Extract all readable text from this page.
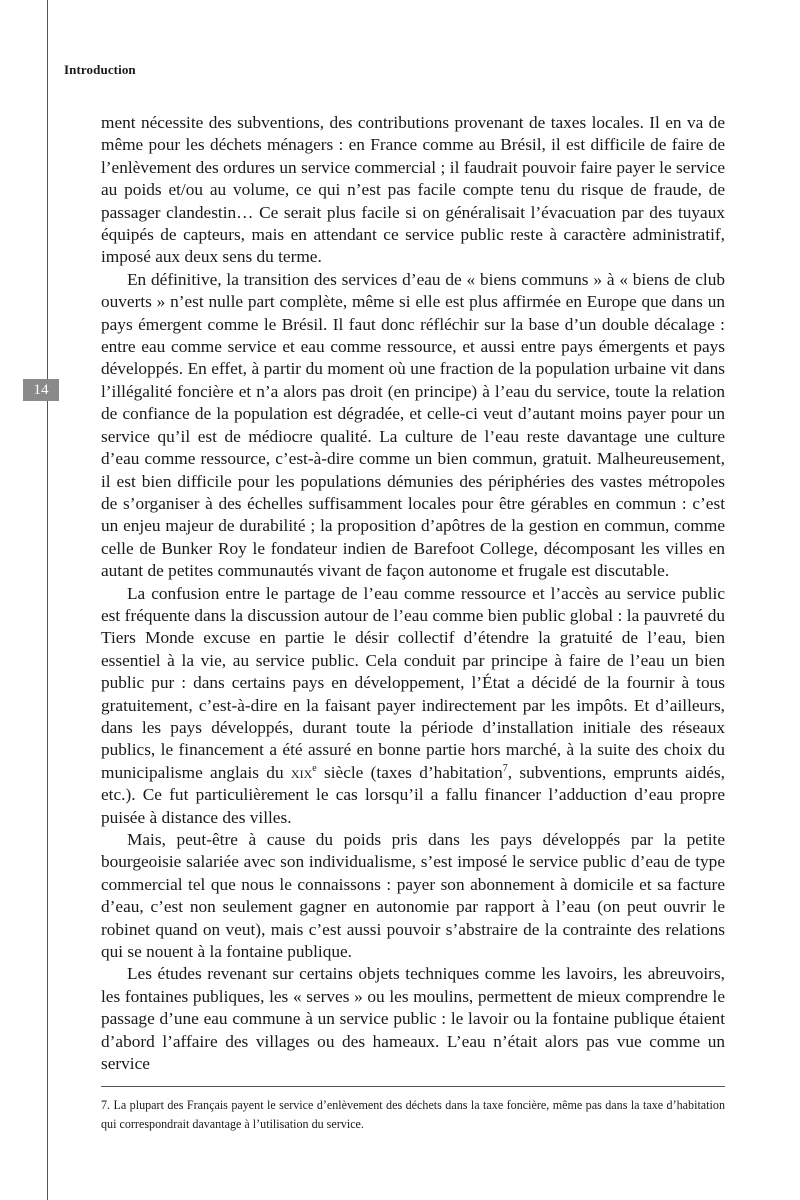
14
Introduction

ment nécessite des subventions, des contributions provenant de taxes locales. Il en va de même pour les déchets ménagers : en France comme au Brésil, il est difficile de faire de l’enlèvement des ordures un service commercial ; il faudrait pouvoir faire payer le service au poids et/ou au volume, ce qui n’est pas facile compte tenu du risque de fraude, de passager clandestin… Ce serait plus facile si on généralisait l’évacuation par des tuyaux équipés de capteurs, mais en attendant ce service public reste à caractère administratif, imposé aux deux sens du terme.

En définitive, la transition des services d’eau de « biens communs » à « biens de club ouverts » n’est nulle part complète, même si elle est plus affirmée en Europe que dans un pays émergent comme le Brésil. Il faut donc réfléchir sur la base d’un double décalage : entre eau comme service et eau comme ressource, et aussi entre pays émergents et pays développés. En effet, à partir du moment où une fraction de la population urbaine vit dans l’illégalité foncière et n’a alors pas droit (en principe) à l’eau du service, toute la relation de confiance de la population est dégradée, et celle-ci veut d’autant moins payer pour un service qu’il est de médiocre qualité. La culture de l’eau reste davantage une culture d’eau comme ressource, c’est-à-dire comme un bien commun, gratuit. Malheureusement, il est bien difficile pour les populations démunies des périphéries des vastes métropoles de s’organiser à des échelles suffisamment locales pour être gérables en commun : c’est un enjeu majeur de durabilité ; la proposition d’apôtres de la gestion en commun, comme celle de Bunker Roy le fondateur indien de Barefoot College, décomposant les villes en autant de petites communautés vivant de façon autonome et frugale est discutable.

La confusion entre le partage de l’eau comme ressource et l’accès au service public est fréquente dans la discussion autour de l’eau comme bien public global : la pauvreté du Tiers Monde excuse en partie le désir collectif d’étendre la gratuité de l’eau, bien essentiel à la vie, au service public. Cela conduit par principe à faire de l’eau un bien public pur : dans certains pays en développement, l’État a décidé de la fournir à tous gratuitement, c’est-à-dire en la faisant payer indirectement par les impôts. Et d’ailleurs, dans les pays développés, durant toute la période d’installation initiale des réseaux publics, le financement a été assuré en bonne partie hors marché, à la suite des choix du municipalisme anglais du xix$^e$ siècle (taxes d’habitation$^7$, subventions, emprunts aidés, etc.). Ce fut particulièrement le cas lorsqu’il a fallu financer l’adduction d’eau propre puisée à distance des villes.

Mais, peut-être à cause du poids pris dans les pays développés par la petite bourgeoisie salariée avec son individualisme, s’est imposé le service public d’eau de type commercial tel que nous le connaissons : payer son abonnement à domicile et sa facture d’eau, c’est non seulement gagner en autonomie par rapport à l’eau (on peut ouvrir le robinet quand on veut), mais c’est aussi pouvoir s’abstraire de la contrainte des relations qui se nouent à la fontaine publique.

Les études revenant sur certains objets techniques comme les lavoirs, les abreuvoirs, les fontaines publiques, les « serves » ou les moulins, permettent de mieux comprendre le passage d’une eau commune à un service public : le lavoir ou la fontaine publique étaient d’abord l’affaire des villages ou des hameaux. L’eau n’était alors pas vue comme un service

7. La plupart des Français payent le service d’enlèvement des déchets dans la taxe foncière, même pas dans la taxe d’habitation qui correspondrait davantage à l’utilisation du service.
